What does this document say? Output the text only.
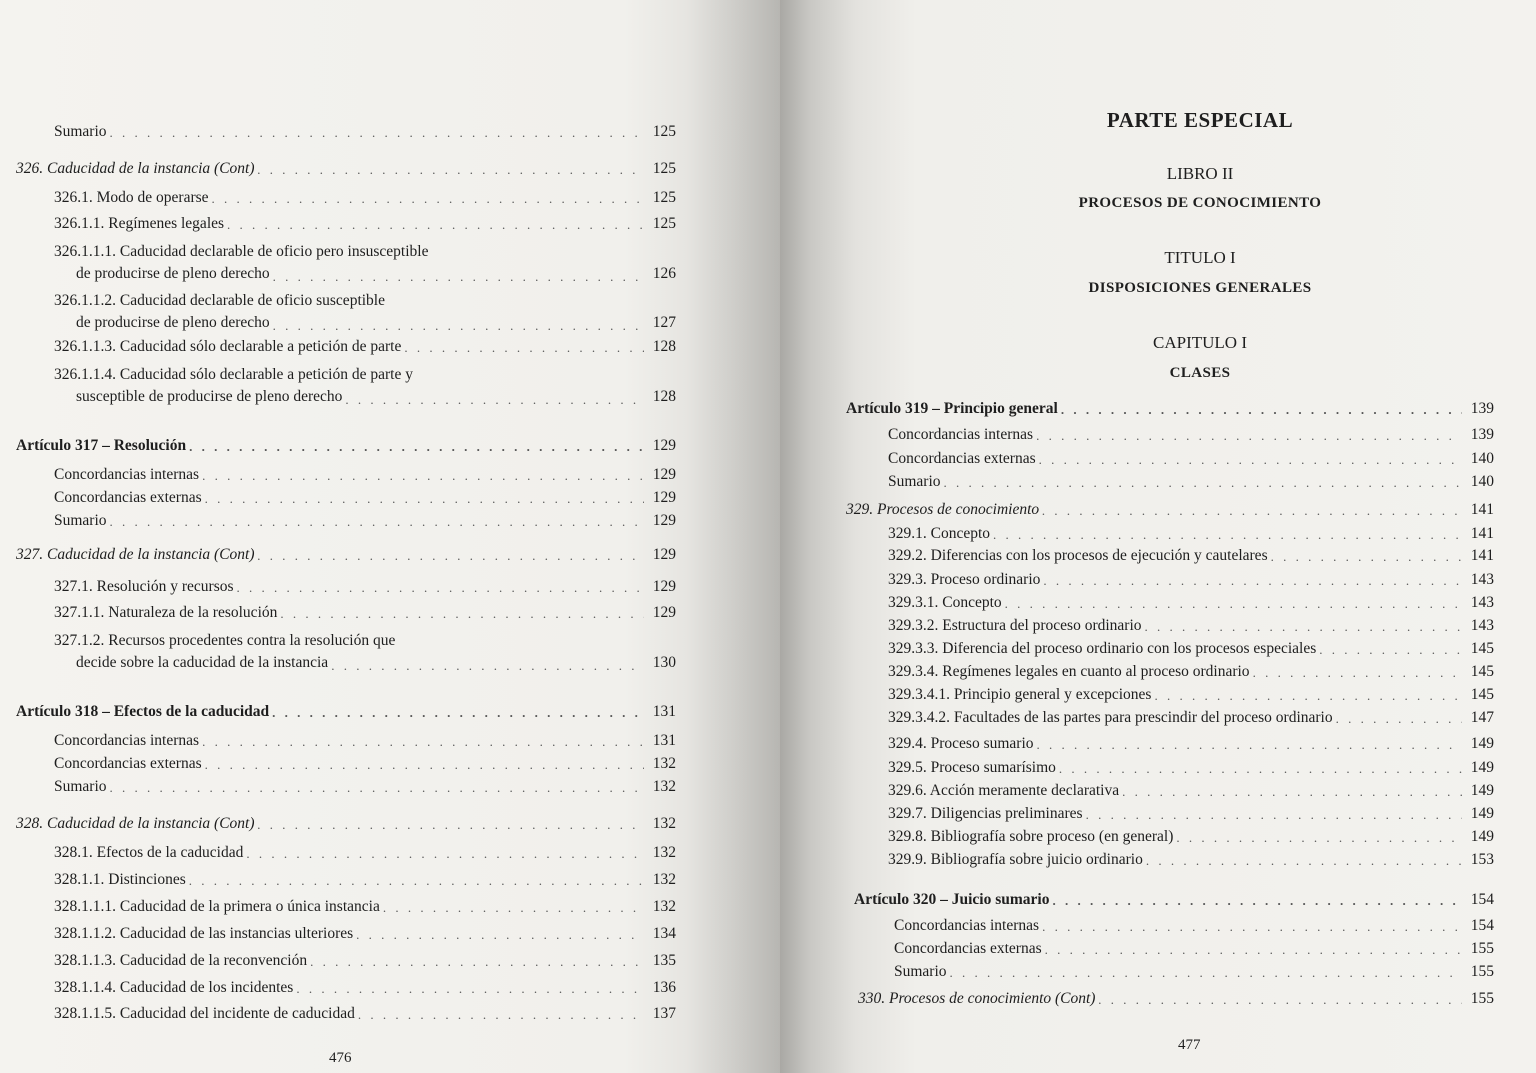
Sumario . . .	125
326. Caducidad de la instancia (Cont) . . .	125
326.1. Modo de operarse . . .	125
326.1.1. Regímenes legales . . .	125
326.1.1.1. Caducidad declarable de oficio pero insusceptible
de producirse de pleno derecho . . .	126
326.1.1.2. Caducidad declarable de oficio susceptible
de producirse de pleno derecho . . .	127
326.1.1.3. Caducidad sólo declarable a petición de parte . . .	128
326.1.1.4. Caducidad sólo declarable a petición de parte y
susceptible de producirse de pleno derecho . . .	128
Artículo 317 – Resolución . . .	129
Concordancias internas . . .	129
Concordancias externas . . .	129
Sumario . . .	129
327. Caducidad de la instancia (Cont) . . .	129
327.1. Resolución y recursos . . .	129
327.1.1. Naturaleza de la resolución . . .	129
327.1.2. Recursos procedentes contra la resolución que
decide sobre la caducidad de la instancia . . .	130
Artículo 318 – Efectos de la caducidad . . .	131
Concordancias internas . . .	131
Concordancias externas . . .	132
Sumario . . .	132
328. Caducidad de la instancia (Cont) . . .	132
328.1. Efectos de la caducidad . . .	132
328.1.1. Distinciones . . .	132
328.1.1.1. Caducidad de la primera o única instancia . . .	132
328.1.1.2. Caducidad de las instancias ulteriores . . .	134
328.1.1.3. Caducidad de la reconvención . . .	135
328.1.1.4. Caducidad de los incidentes . . .	136
328.1.1.5. Caducidad del incidente de caducidad . . .	137
476
PARTE ESPECIAL
LIBRO II
PROCESOS DE CONOCIMIENTO
TITULO I
DISPOSICIONES GENERALES
CAPITULO I
CLASES
Artículo 319 – Principio general . . .	139
Concordancias internas . . .	139
Concordancias externas . . .	140
Sumario . . .	140
329. Procesos de conocimiento . . .	141
329.1. Concepto . . .	141
329.2. Diferencias con los procesos de ejecución y cautelares . . .	141
329.3. Proceso ordinario . . .	143
329.3.1. Concepto . . .	143
329.3.2. Estructura del proceso ordinario . . .	143
329.3.3. Diferencia del proceso ordinario con los procesos especiales . . .	145
329.3.4. Regímenes legales en cuanto al proceso ordinario . . .	145
329.3.4.1. Principio general y excepciones . . .	145
329.3.4.2. Facultades de las partes para prescindir del proceso ordinario . . .	147
329.4. Proceso sumario . . .	149
329.5. Proceso sumarísimo . . .	149
329.6. Acción meramente declarativa . . .	149
329.7. Diligencias preliminares . . .	149
329.8. Bibliografía sobre proceso (en general) . . .	149
329.9. Bibliografía sobre juicio ordinario . . .	153
Artículo 320 – Juicio sumario . . .	154
Concordancias internas . . .	154
Concordancias externas . . .	155
Sumario . . .	155
330. Procesos de conocimiento (Cont) . . .	155
477
